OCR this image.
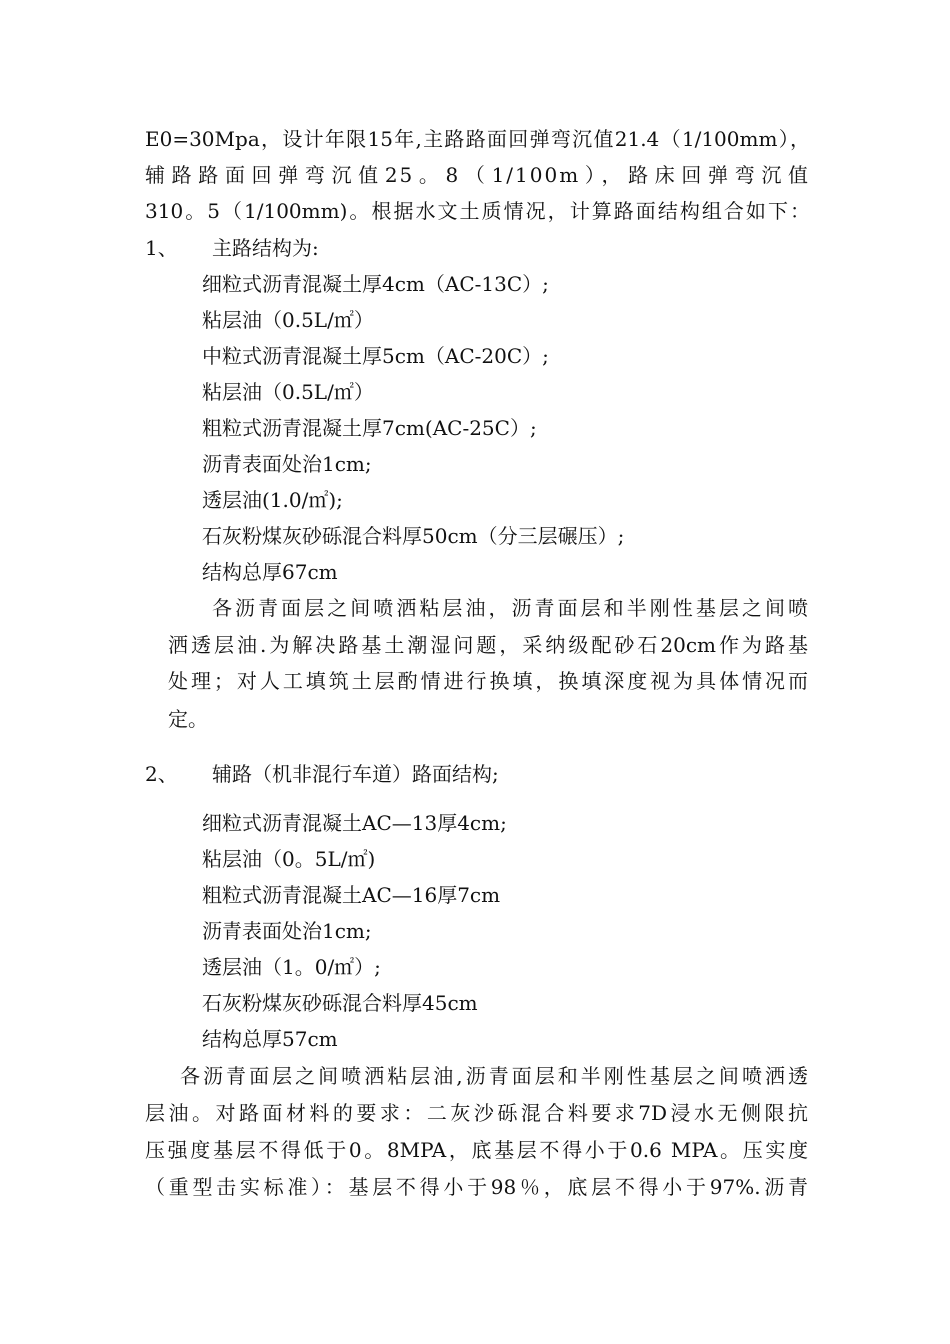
E0=30Mpa，设计年限15年,主路路面回弹弯沉值21.4（1/100mm），
辅路路面回弹弯沉值25。8（1/100m），路床回弹弯沉值
310。5（1/100mm)。根据水文土质情况，计算路面结构组合如下：
1、 主路结构为:
细粒式沥青混凝土厚4cm（AC-13C）;
粘层油（0.5L/㎡）
中粒式沥青混凝土厚5cm（AC-20C）;
粘层油（0.5L/㎡）
粗粒式沥青混凝土厚7cm(AC-25C）;
沥青表面处治1cm;
透层油(1.0/㎡);
石灰粉煤灰砂砾混合料厚50cm（分三层碾压）;
结构总厚67cm
各沥青面层之间喷洒粘层油，沥青面层和半刚性基层之间喷
洒透层油.为解决路基土潮湿问题，采纳级配砂石20cm作为路基
处理；对人工填筑土层酌情进行换填，换填深度视为具体情况而
定。
2、 辅路（机非混行车道）路面结构;
细粒式沥青混凝土AC—13厚4cm;
粘层油（0。5L/㎡)
粗粒式沥青混凝土AC—16厚7cm
沥青表面处治1cm;
透层油（1。0/㎡）;
石灰粉煤灰砂砾混合料厚45cm
结构总厚57cm
各沥青面层之间喷洒粘层油,沥青面层和半刚性基层之间喷洒透
层油。对路面材料的要求：二灰沙砾混合料要求7D浸水无侧限抗
压强度基层不得低于0。8MPA，底基层不得小于0.6 MPA。压实度
（重型击实标准）：基层不得小于98％，底层不得小于97%.沥青
